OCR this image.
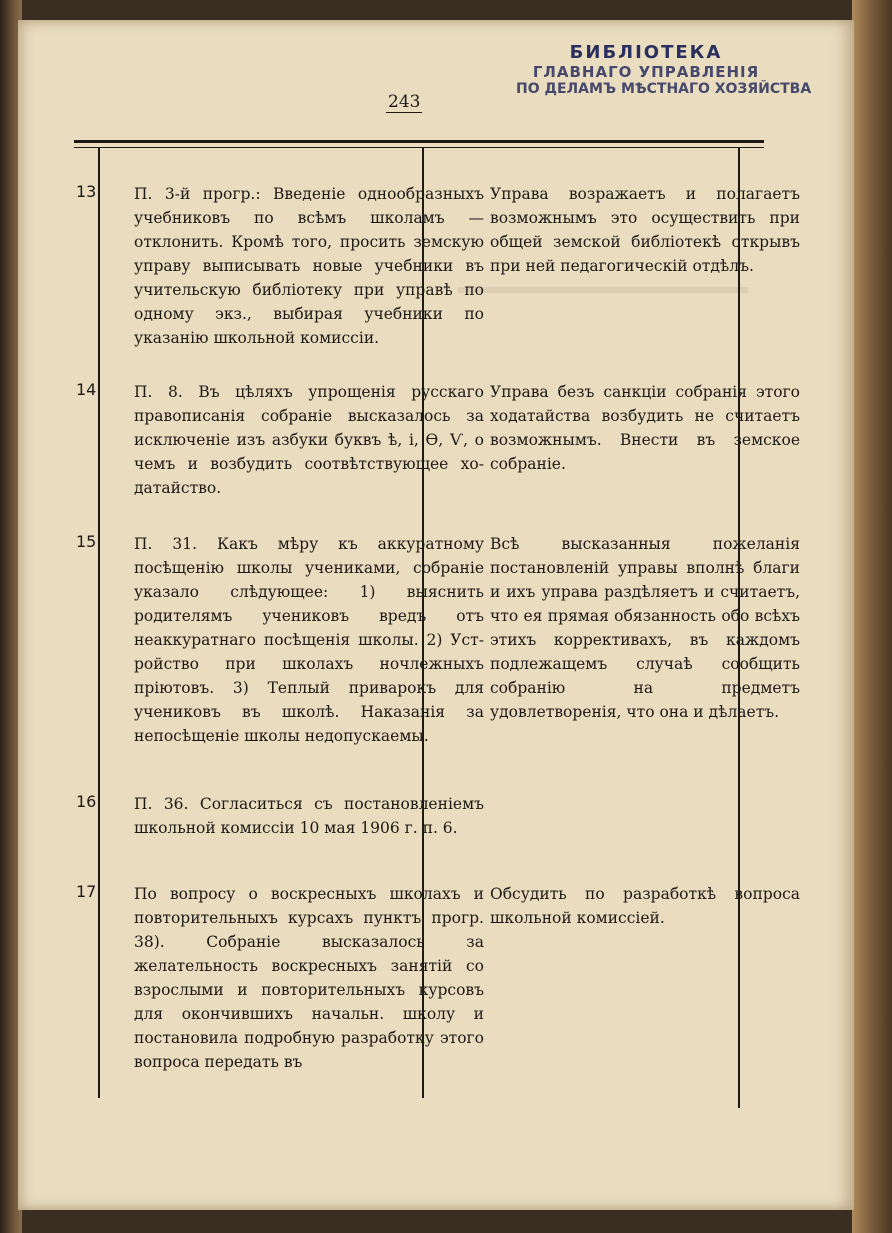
243
БИБЛIОТЕКА
ГЛАВНАГО УПРАВЛЕНIЯ
ПО ДЕЛАМЪ МѢСТНАГО ХОЗЯЙСТВА
13 П. 3-й прогр.: Введенiе однообразныхъ учебниковъ по всѣмъ школамъ — отклонить. Кромѣ того, просить земскую управу выписывать новые учебники въ учительскую библiотеку при управѣ по одному экз., выбирая учебники по указанiю школьной комиссiи.
Управа возражаетъ и полагаетъ возможнымъ это осуществить при общей земской библiотекѣ открывъ при ней педагогическiй отдѣлъ.
14 П. 8. Въ цѣляхъ упрощенiя русскаго правописанiя собранiе высказалось за исключенiе изъ азбуки буквъ ѣ, i, Ѳ, Ѵ, о чемъ и возбудить соотвѣтствующее ходатайство.
Управа безъ санкцiи собранiя этого ходатайства возбудить не считаетъ возможнымъ. Внести въ земское собранiе.
15 П. 31. Какъ мѣру къ аккуратному посѣщенiю школы учениками, собранiе указало слѣдующее: 1) выяснить родителямъ учениковъ вредъ отъ неаккуратнаго посѣщенiя школы. 2) Устройство при школахъ ночлежныхъ прiютовъ. 3) Теплый приварокъ для учениковъ въ школѣ. Наказанiя за непосѣщенiе школы недопускаемы.
Всѣ высказанныя пожеланiя постановленiй управы вполнѣ благи и ихъ управа раздѣляетъ и считаетъ, что ея прямая обязанность обо всѣхъ этихъ коррективахъ, въ каждомъ подлежащемъ случаѣ сообщить собранiю на предметъ удовлетворенiя, что она и дѣлаетъ.
16 П. 36. Согласиться съ постановленiемъ школьной комиссiи 10 мая 1906 г. п. 6.
17 По вопросу о воскресныхъ школахъ и повторительныхъ курсахъ пунктъ прогр. 38). Собранiе высказалось за желательность воскресныхъ занятiй со взрослыми и повторительныхъ курсовъ для окончившихъ начальн. школу и постановила подробную разработку этого вопроса передать въ
Обсудить по разработкѣ вопроса школьной комиссiей.
